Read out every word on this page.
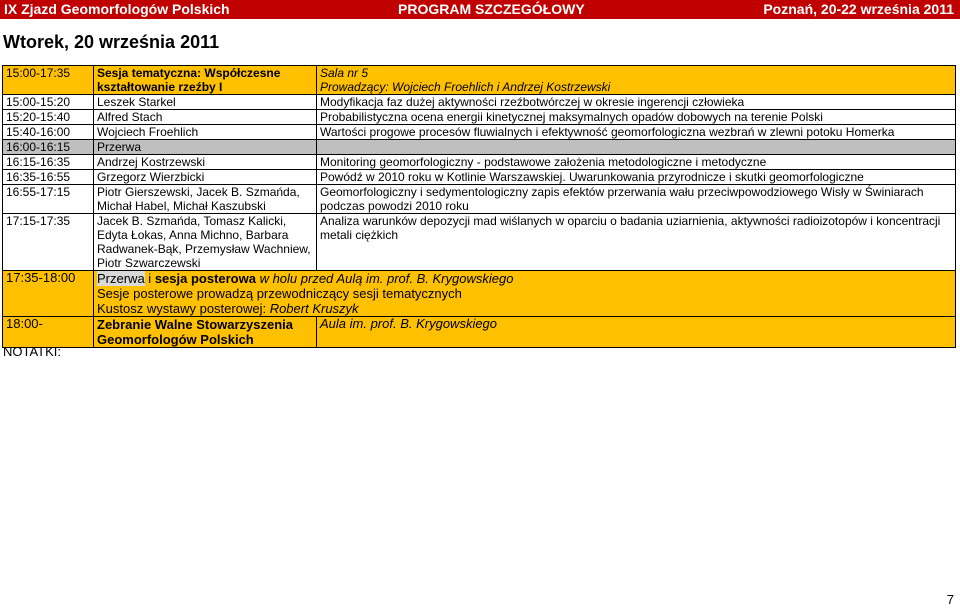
IX Zjazd Geomorfologów Polskich	PROGRAM SZCZEGÓŁOWY	Poznań, 20-22 września 2011
Wtorek, 20 września 2011
15:00-17:35	Sesja tematyczna: Współczesne kształtowanie rzeźby I	Sala nr 5
Prowadzący: Wojciech Froehlich i Andrzej Kostrzewski

15:00-15:20	Leszek Starkel	Modyfikacja faz dużej aktywności rzeźbotwórczej w okresie ingerencji człowieka
15:20-15:40	Alfred Stach	Probabilistyczna ocena energii kinetycznej maksymalnych opadów dobowych na terenie Polski
15:40-16:00	Wojciech Froehlich	Wartości progowe procesów fluwialnych i efektywność geomorfologiczna wezbrań w zlewni potoku Homerka
16:00-16:15	Przerwa	
16:15-16:35	Andrzej Kostrzewski	Monitoring geomorfologiczny - podstawowe założenia metodologiczne i metodyczne
16:35-16:55	Grzegorz Wierzbicki	Powódź w 2010 roku w Kotlinie Warszawskiej. Uwarunkowania przyrodnicze i skutki geomorfologiczne
16:55-17:15	Piotr Gierszewski, Jacek B. Szmańda, Michał Habel, Michał Kaszubski	Geomorfologiczny i sedymentologiczny zapis efektów przerwania wału przeciwpowodziowego Wisły w Świniarach podczas powodzi 2010 roku
17:15-17:35	Jacek B. Szmańda, Tomasz Kalicki, Edyta Łokas, Anna Michno, Barbara Radwanek-Bąk, Przemysław Wachniew, Piotr Szwarczewski	Analiza warunków depozycji mad wiślanych w oparciu o badania uziarnienia, aktywności radioizotopów i koncentracji metali ciężkich
17:35-18:00	Przerwa i sesja posterowa w holu przed Aulą im. prof. B. Krygowskiego
Sesje posterowe prowadzą przewodniczący sesji tematycznych
Kustosz wystawy posterowej: Robert Kruszyk	

18:00-	Zebranie Walne Stowarzyszenia Geomorfologów Polskich	Aula im. prof. B. Krygowskiego
NOTATKI:
7
